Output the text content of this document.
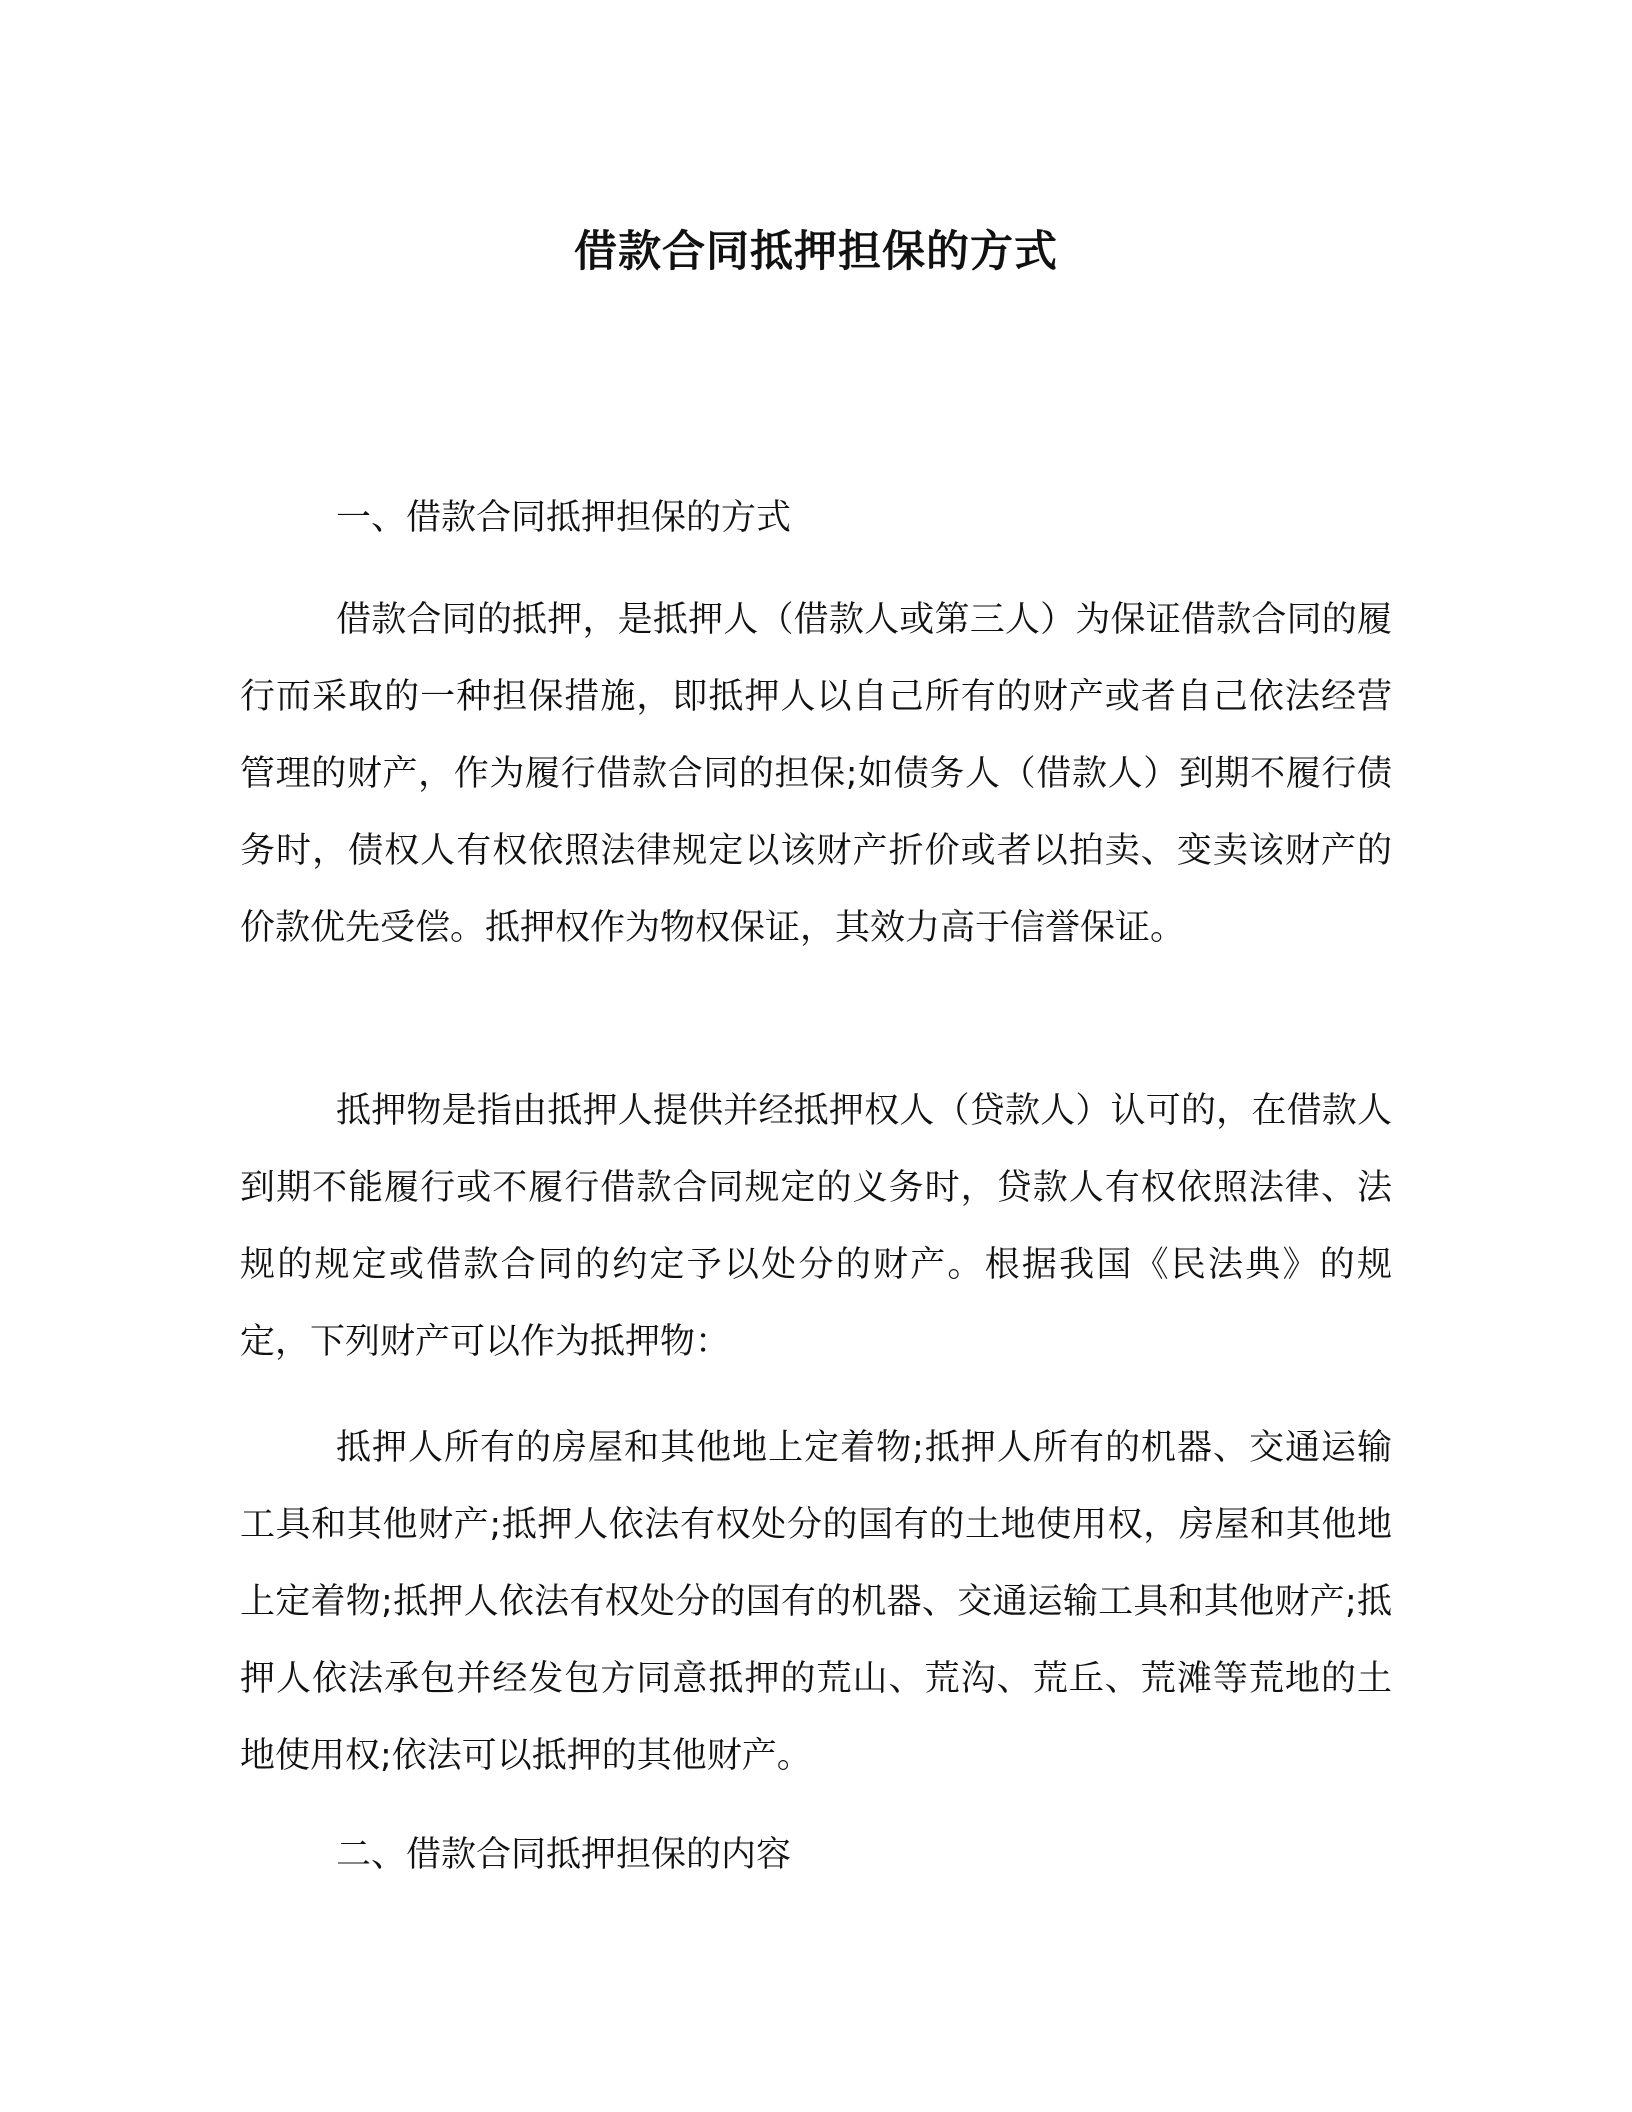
借款合同抵押担保的方式
一、借款合同抵押担保的方式

借款合同的抵押，是抵押人（借款人或第三人）为保证借款合同的履行而采取的一种担保措施，即抵押人以自己所有的财产或者自己依法经营管理的财产，作为履行借款合同的担保;如债务人（借款人）到期不履行债务时，债权人有权依照法律规定以该财产折价或者以拍卖、变卖该财产的价款优先受偿。抵押权作为物权保证，其效力高于信誉保证。

抵押物是指由抵押人提供并经抵押权人（贷款人）认可的，在借款人到期不能履行或不履行借款合同规定的义务时，贷款人有权依照法律、法规的规定或借款合同的约定予以处分的财产。根据我国《民法典》的规定，下列财产可以作为抵押物：

抵押人所有的房屋和其他地上定着物;抵押人所有的机器、交通运输工具和其他财产;抵押人依法有权处分的国有的土地使用权，房屋和其他地上定着物;抵押人依法有权处分的国有的机器、交通运输工具和其他财产;抵押人依法承包并经发包方同意抵押的荒山、荒沟、荒丘、荒滩等荒地的土地使用权;依法可以抵押的其他财产。

二、借款合同抵押担保的内容
